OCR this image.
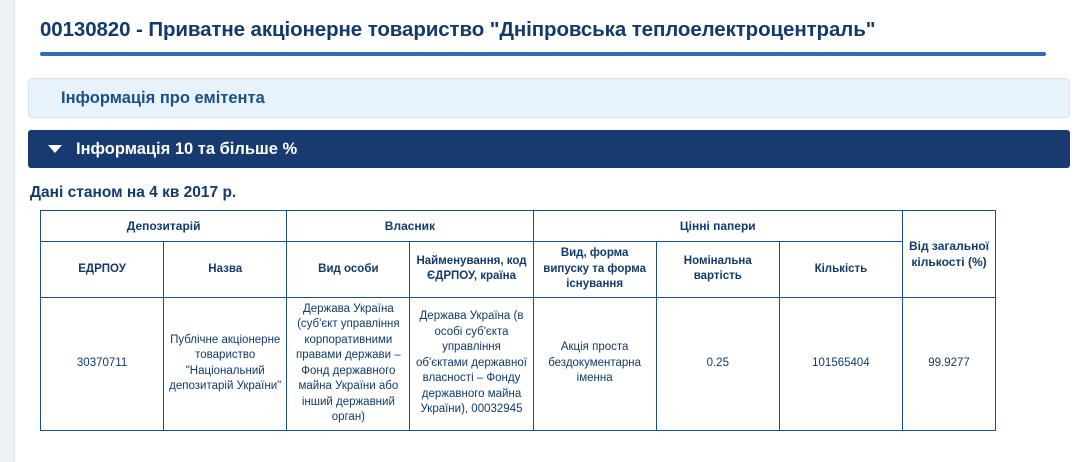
00130820 - Приватне акціонерне товариство "Дніпровська теплоелектроцентраль"
Інформація про емітента
Інформація 10 та більше %
Дані станом на 4 кв 2017 р.
Депозитарій		Власник		Цінні папери			Від загальної кількості (%)
ЕДРПОУ	Назва	Вид особи	Найменування, код ЄДРПОУ, країна	Вид, форма випуску та форма існування	Номінальна вартість	Кількість	
30370711	Публічне акціонерне товариство "Національний депозитарій України"	Держава Україна (суб'єкт управління корпоративними правами держави – Фонд державного майна України або інший державний орган)	Держава Україна (в особі суб'єкта управління об'єктами державної власності – Фонду державного майна України), 00032945	Акція проста бездокументарна іменна	0.25	101565404	99.9277
